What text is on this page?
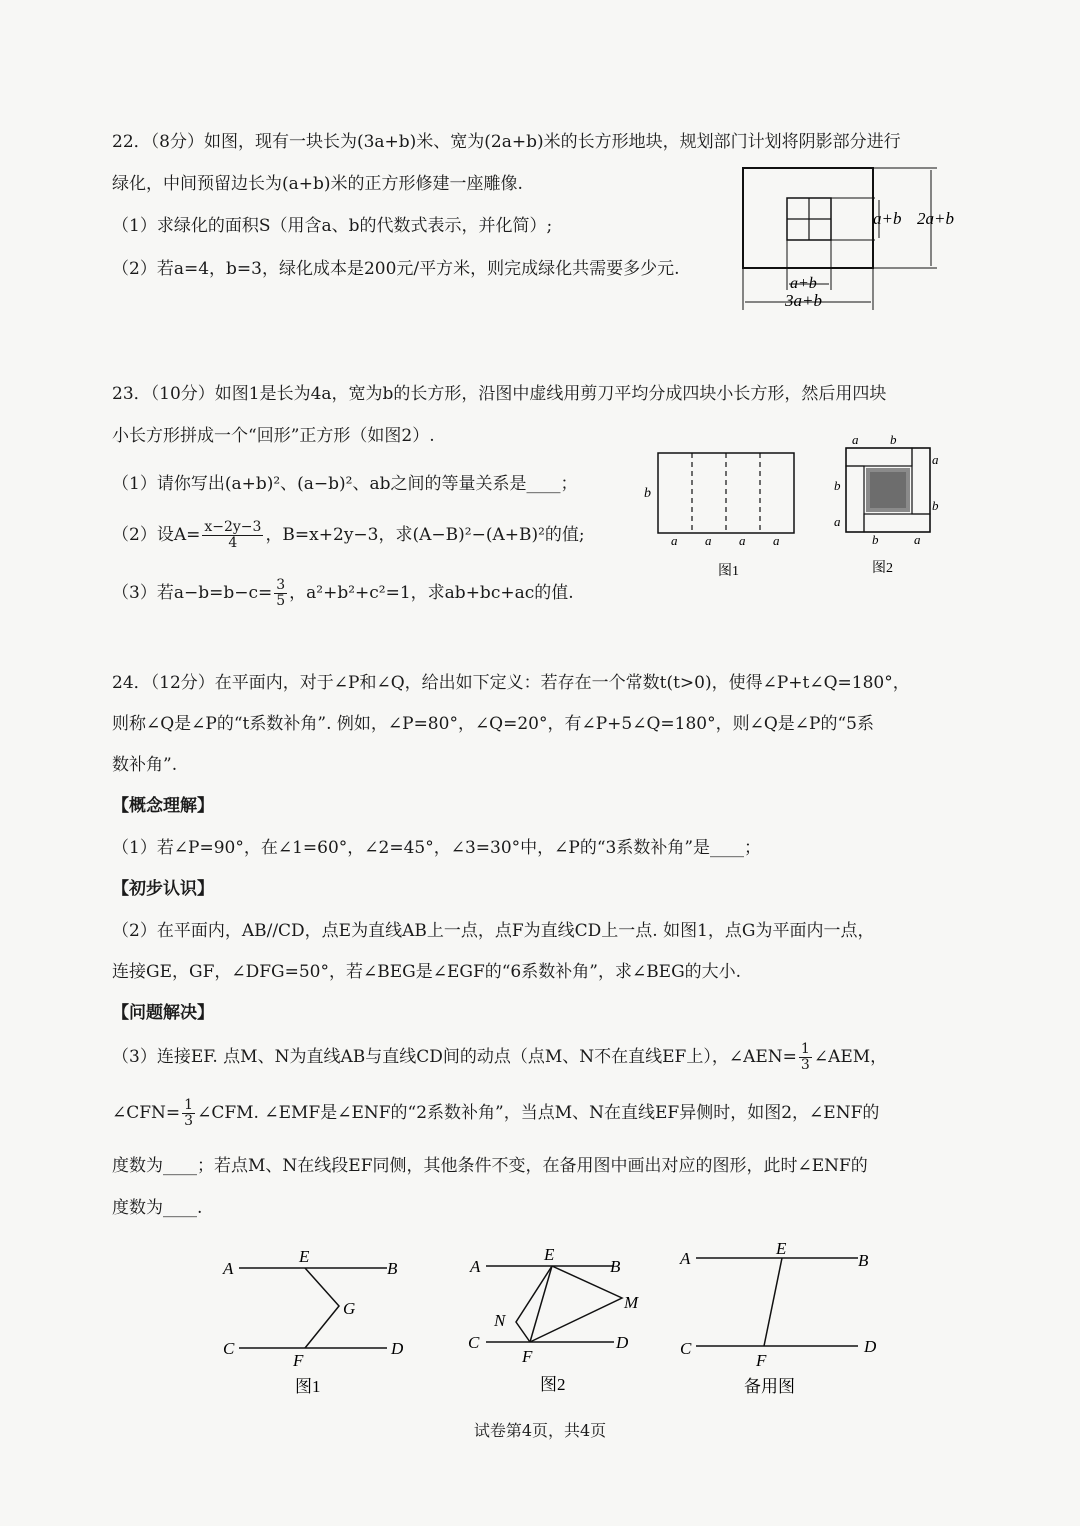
22．（8分）如图，现有一块长为(3a+b)米、宽为(2a+b)米的长方形地块，规划部门计划将阴影部分进行
绿化，中间预留边长为(a+b)米的正方形修建一座雕像.
（1）求绿化的面积S（用含a、b的代数式表示，并化简）;
（2）若a=4，b=3，绿化成本是200元/平方米，则完成绿化共需要多少元.
a+b 2a+b
a+b
3a+b
23．（10分）如图1是长为4a，宽为b的长方形，沿图中虚线用剪刀平均分成四块小长方形，然后用四块
小长方形拼成一个“回形”正方形（如图2）.
（1）请你写出(a+b)²、(a−b)²、ab之间的等量关系是____；
（2）设$A= \frac{x-2y-3}{4}$ ，B=x+2y−3，求(A−B)²−(A+B)²的值;
（3）若$a-b=b-c= \frac{3}{5}$ ，a²+b²+c²=1，求ab+bc+ac的值.
b
a a a a
图1
a b
a
b
b
a
b	a
图2
24．（12分）在平面内，对于∠P和∠Q，给出如下定义：若存在一个常数t(t>0)，使得∠P+t∠Q=180°，
则称∠Q是∠P的“t系数补角”. 例如，∠P=80°，∠Q=20°，有∠P+5∠Q=180°，则∠Q是∠P的“5系
数补角”.
【概念理解】
（1）若∠P=90°，在∠1=60°，∠2=45°，∠3=30°中，∠P的“3系数补角”是____；
【初步认识】
（2）在平面内，AB//CD，点E为直线AB上一点，点F为直线CD上一点. 如图1，点G为平面内一点，
连接GE，GF，∠DFG=50°，若∠BEG是∠EGF的“6系数补角”，求∠BEG的大小.
【问题解决】
（3）连接EF. 点M、N为直线AB与直线CD间的动点（点M、N不在直线EF上），∠AEN= $\frac{1}{3}$ ∠AEM，
∠CFN= $\frac{1}{3}$ ∠CFM. ∠EMF是∠ENF的“2系数补角”，当点M、N在直线EF异侧时，如图2，∠ENF的
度数为____；若点M、N在线段EF同侧，其他条件不变，在备用图中画出对应的图形，此时∠ENF的
度数为____.
A
E
B
G
C
F
D
图1
A
E
B
N
M
C
F
D
图2
A
E
B
C
F
D
备用图
试卷第4页，共4页
